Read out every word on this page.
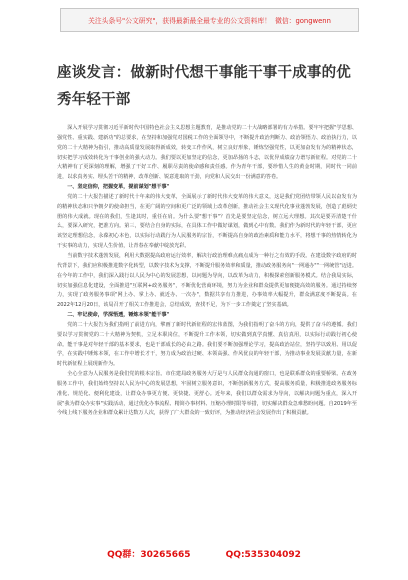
关注头条号"公文研究"，获得最新最全最专业的公文资料库！ 微信：gongwenn
座谈发言：做新时代想干事能干事干成事的优秀年轻干部

深入开展学习贯彻习近平新时代中国特色社会主义思想主题教育，是推动党的二十大战略部署的有力举措。要牢牢把握"学思想、强党性、重实践、建新功"的总要求，在坚持和加强党对国税工作的全面领导中，不断提升政治判断力、政治领悟力、政治执行力，以党的二十大精神为指引，推动高质量发展取得新成效，转变工作作风，树立良好形象，锤炼坚强党性，以更加奋发有为的精神状态，切实把学习成效转化为干事创业的强大动力。我们要以更加坚定的信念，更加昂扬的斗志，以优异成绩奋力谱写新征程。对党的二十大精神有了更深刻的理解，增强了干好工作、履职尽责的使命感和责任感。作为青年干部，要珍惜人生的黄金时期，同时代一同前进，以求真务实、埋头苦干的精神，改革创新、锐意进取的干劲，向党和人民交出一份满意的答卷。

一、坚定信仰，把握变革，提前谋划"想干事"

党的二十大报告描述了新时代十年来的伟大变革，全面展示了新时代伟大变革的伟大意义，这是我们党团结带领人民以奋发有为的精神状态和只争朝夕的使命担当，在更广阔的空间和更广泛的领域上改革创新，推动社会主义现代化事业蓬勃发展，创造了彪炳史册的伟大成就。现在的我们，生逢其时，重任在肩。为什么要"想干事"？首先是要坚定信念，树立远大理想。其次是要弄清楚干什么，要深入研究，把准方向。第三，要结合自身的实际，在具体工作中做好谋划，做到心中有数。我们作为新时代的年轻干部，更应该坚定理想信念，永葆初心本色，以实际行动践行为人民服务的宗旨，不断提高自身的政治素质和能力水平，将想干事的热情转化为干实事的动力，实现人生价值，让青春在奉献中绽放光彩。

当前数字技术蓬勃发展，利用大数据提高政府运行效率，解决行政治理难点痛点成为一种行之有效的手段。在建设数字政府的时代背景下，我们应积极推进数字化转型，以数字技术为支撑，不断提升服务效率和质量，推动政务服务向"一网通办""一网统管"迈进。在今年的工作中，我们深入践行以人民为中心的发展思想，以问题为导向，以改革为动力，积极探索创新服务模式。结合我局实际，切实加强信息化建设，全面推进"互联网+政务服务"，不断优化营商环境，努力为企业和群众提供更加便捷高效的服务。通过持续努力，实现了政务服务事项"网上办、掌上办、就近办、一次办"，数据共享有力推进，办事效率大幅提升，群众满意度不断提高。在2022年12月20日，该局召开了相关工作推进会，总结成效，查找不足，为下一步工作奠定了坚实基础。

二、牢记使命，学深悟透，锤炼本领"能干事"

党的二十大报告为我们指明了前进方向，擘画了新时代新征程的宏伟蓝图，为我们指明了奋斗的方向，提供了奋斗的遵循。我们要以学习贯彻党的二十大精神为契机，立足本职岗位，不断提升工作本领，切实做到真学真懂、真信真用，以实际行动践行初心使命。能干事是对年轻干部的基本要求，也是干部成长的必由之路。我们要不断加强理论学习，提高政治站位，坚持学以致用、用以促学，在实践中锤炼本领，在工作中增长才干，努力成为政治过硬、本领高强、作风优良的年轻干部，为推动事业发展贡献力量，在新时代新征程上展现新作为。

全心全意为人民服务是我们党的根本宗旨。市住建局政务服务大厅是与人民群众沟通的窗口，也是联系群众的重要桥梁。在政务服务工作中，我们始终坚持以人民为中心的发展思想，牢固树立服务意识，不断创新服务方式，提高服务质量，积极推进政务服务标准化、规范化、便利化建设，让群众办事更方便、更快捷、更舒心。近年来，我们以群众需求为导向，以解决问题为重点，深入开展"我为群众办实事"实践活动，通过优化办事流程、精简办事材料、压缩办理时限等举措，切实解决群众急难愁盼问题。自2019年至今线上线下服务企业和群众累计达数万人次，获得了广大群众的一致好评，为推动经济社会发展作出了积极贡献。

QQ群：30265665	QQ:535304092
